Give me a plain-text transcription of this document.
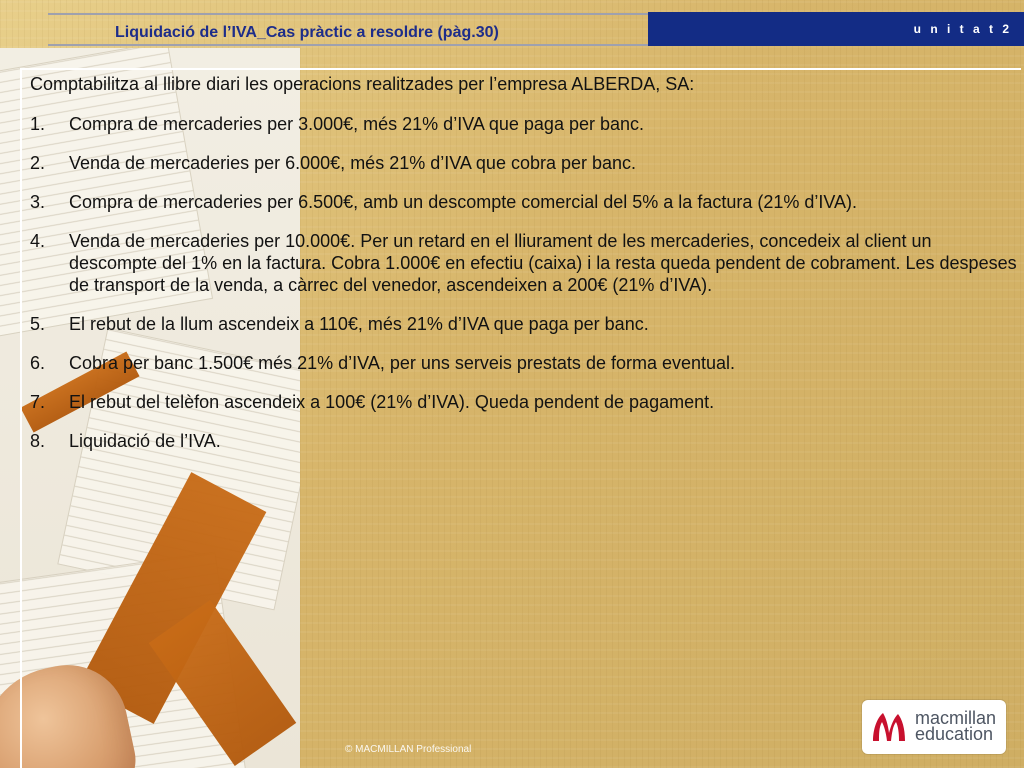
Liquidació de l’IVA_Cas pràctic a resoldre (pàg.30)	u n i t a t 2
Comptabilitza al llibre diari les operacions realitzades per l’empresa ALBERDA, SA:
1.	Compra de mercaderies per 3.000€, més 21% d’IVA que paga per banc.
2.	Venda de mercaderies per 6.000€, més 21% d’IVA que cobra per banc.
3.	Compra de mercaderies per 6.500€, amb un descompte comercial del 5% a la factura (21% d’IVA).
4.	Venda de mercaderies per 10.000€. Per un retard en el lliurament de les mercaderies, concedeix al client un descompte del 1% en la factura. Cobra 1.000€ en efectiu (caixa) i la resta queda pendent de cobrament. Les despeses de transport de la venda, a càrrec del venedor, ascendeixen a 200€ (21% d’IVA).
5.	El rebut de la llum ascendeix a 110€, més 21% d’IVA que paga per banc.
6.	Cobra per banc 1.500€ més 21% d’IVA, per uns serveis prestats de forma eventual.
7.	El rebut del telèfon ascendeix a 100€ (21% d’IVA). Queda pendent de pagament.
8.	Liquidació de l’IVA.
© MACMILLAN Professional
macmillan
education
